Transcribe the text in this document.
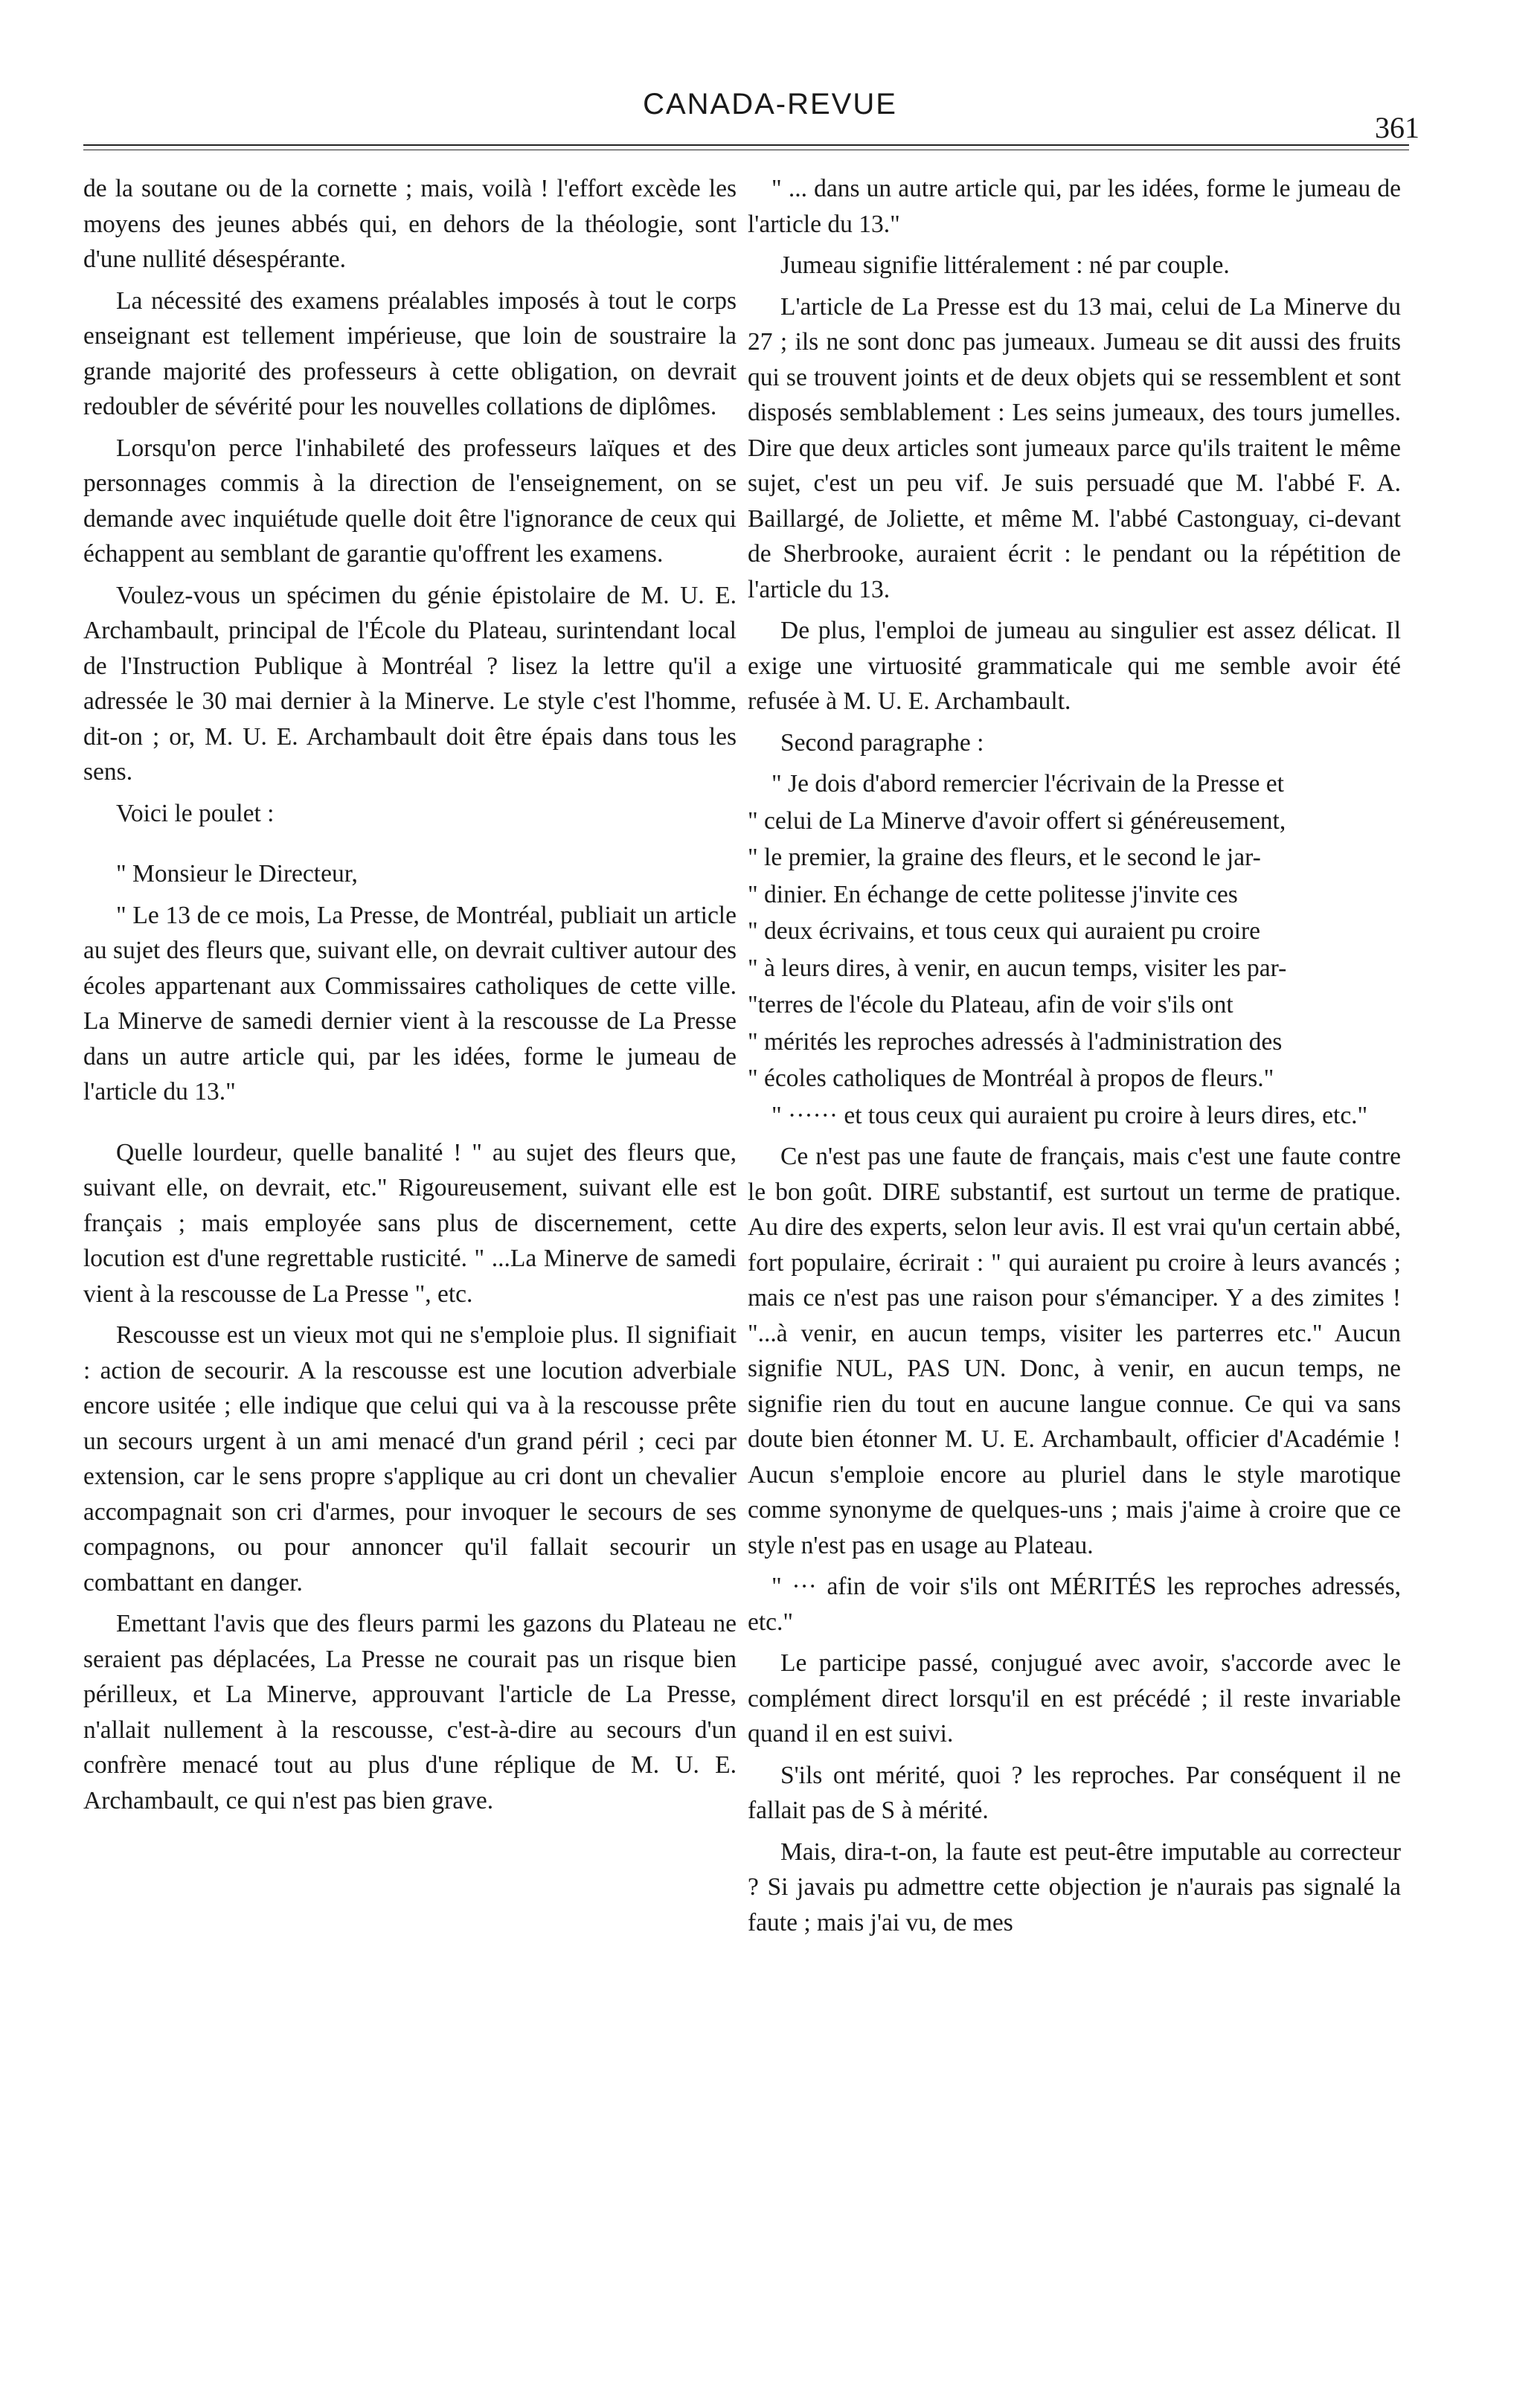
CANADA-REVUE
361

de la soutane ou de la cornette ; mais, voilà ! l'effort excède les moyens des jeunes abbés qui, en dehors de la théologie, sont d'une nullité désespérante.

La nécessité des examens préalables imposés à tout le corps enseignant est tellement impérieuse, que loin de soustraire la grande majorité des professeurs à cette obligation, on devrait redoubler de sévérité pour les nouvelles collations de diplômes.

Lorsqu'on perce l'inhabileté des professeurs laïques et des personnages commis à la direction de l'enseignement, on se demande avec inquiétude quelle doit être l'ignorance de ceux qui échappent au semblant de garantie qu'offrent les examens.

Voulez-vous un spécimen du génie épistolaire de M. U. E. Archambault, principal de l'École du Plateau, surintendant local de l'Instruction Publique à Montréal ? lisez la lettre qu'il a adressée le 30 mai dernier à la Minerve. Le style c'est l'homme, dit-on ; or, M. U. E. Archambault doit être épais dans tous les sens.

Voici le poulet :

" Monsieur le Directeur,

" Le 13 de ce mois, La Presse, de Montréal, publiait un article au sujet des fleurs que, suivant elle, on devrait cultiver autour des écoles appartenant aux Commissaires catholiques de cette ville. La Minerve de samedi dernier vient à la rescousse de La Presse dans un autre article qui, par les idées, forme le jumeau de l'article du 13."

Quelle lourdeur, quelle banalité ! " au sujet des fleurs que, suivant elle, on devrait, etc." Rigoureusement, suivant elle est français ; mais employée sans plus de discernement, cette locution est d'une regrettable rusticité. " ...La Minerve de samedi vient à la rescousse de La Presse ", etc.

Rescousse est un vieux mot qui ne s'emploie plus. Il signifiait : action de secourir. A la rescousse est une locution adverbiale encore usitée ; elle indique que celui qui va à la rescousse prête un secours urgent à un ami menacé d'un grand péril ; ceci par extension, car le sens propre s'applique au cri dont un chevalier accompagnait son cri d'armes, pour invoquer le secours de ses compagnons, ou pour annoncer qu'il fallait secourir un combattant en danger.

Emettant l'avis que des fleurs parmi les gazons du Plateau ne seraient pas déplacées, La Presse ne courait pas un risque bien périlleux, et La Minerve, approuvant l'article de La Presse, n'allait nullement à la rescousse, c'est-à-dire au secours d'un confrère menacé tout au plus d'une réplique de M. U. E. Archambault, ce qui n'est pas bien grave.

" ... dans un autre article qui, par les idées, forme le jumeau de l'article du 13."

Jumeau signifie littéralement : né par couple.

L'article de La Presse est du 13 mai, celui de La Minerve du 27 ; ils ne sont donc pas jumeaux. Jumeau se dit aussi des fruits qui se trouvent joints et de deux objets qui se ressemblent et sont disposés semblablement : Les seins jumeaux, des tours jumelles. Dire que deux articles sont jumeaux parce qu'ils traitent le même sujet, c'est un peu vif. Je suis persuadé que M. l'abbé F. A. Baillargé, de Joliette, et même M. l'abbé Castonguay, ci-devant de Sherbrooke, auraient écrit : le pendant ou la répétition de l'article du 13.

De plus, l'emploi de jumeau au singulier est assez délicat. Il exige une virtuosité grammaticale qui me semble avoir été refusée à M. U. E. Archambault.

Second paragraphe :

" Je dois d'abord remercier l'écrivain de la Presse et

" celui de La Minerve d'avoir offert si généreusement,

" le premier, la graine des fleurs, et le second le jar-

" dinier. En échange de cette politesse j'invite ces

" deux écrivains, et tous ceux qui auraient pu croire

" à leurs dires, à venir, en aucun temps, visiter les par-

"terres de l'école du Plateau, afin de voir s'ils ont

" mérités les reproches adressés à l'administration des

" écoles catholiques de Montréal à propos de fleurs."

" ······ et tous ceux qui auraient pu croire à leurs dires, etc."

Ce n'est pas une faute de français, mais c'est une faute contre le bon goût. DIRE substantif, est surtout un terme de pratique. Au dire des experts, selon leur avis. Il est vrai qu'un certain abbé, fort populaire, écrirait : " qui auraient pu croire à leurs avancés ; mais ce n'est pas une raison pour s'émanciper. Y a des zimites ! "...à venir, en aucun temps, visiter les parterres etc." Aucun signifie NUL, PAS UN. Donc, à venir, en aucun temps, ne signifie rien du tout en aucune langue connue. Ce qui va sans doute bien étonner M. U. E. Archambault, officier d'Académie ! Aucun s'emploie encore au pluriel dans le style marotique comme synonyme de quelques-uns ; mais j'aime à croire que ce style n'est pas en usage au Plateau.

" ··· afin de voir s'ils ont MÉRITÉS les reproches adressés, etc."

Le participe passé, conjugué avec avoir, s'accorde avec le complément direct lorsqu'il en est précédé ; il reste invariable quand il en est suivi.

S'ils ont mérité, quoi ? les reproches. Par conséquent il ne fallait pas de S à mérité.

Mais, dira-t-on, la faute est peut-être imputable au correcteur ? Si javais pu admettre cette objection je n'aurais pas signalé la faute ; mais j'ai vu, de mes
